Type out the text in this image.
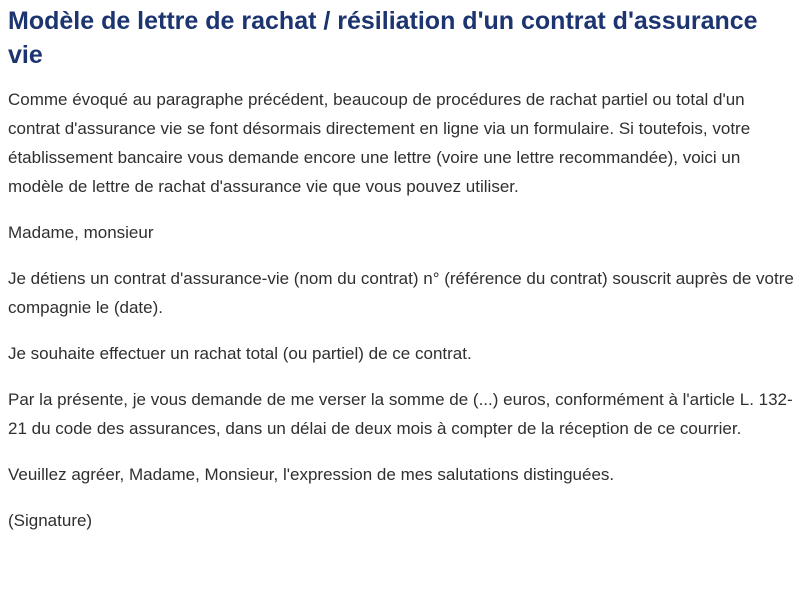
Modèle de lettre de rachat / résiliation d'un contrat d'assurance vie

Comme évoqué au paragraphe précédent, beaucoup de procédures de rachat partiel ou total d'un contrat d'assurance vie se font désormais directement en ligne via un formulaire. Si toutefois, votre établissement bancaire vous demande encore une lettre (voire une lettre recommandée), voici un modèle de lettre de rachat d'assurance vie que vous pouvez utiliser.

Madame, monsieur

Je détiens un contrat d'assurance-vie (nom du contrat) n° (référence du contrat) souscrit auprès de votre compagnie le (date).

Je souhaite effectuer un rachat total (ou partiel) de ce contrat.

Par la présente, je vous demande de me verser la somme de (...) euros, conformément à l'article L. 132-21 du code des assurances, dans un délai de deux mois à compter de la réception de ce courrier.

Veuillez agréer, Madame, Monsieur, l'expression de mes salutations distinguées.

(Signature)
